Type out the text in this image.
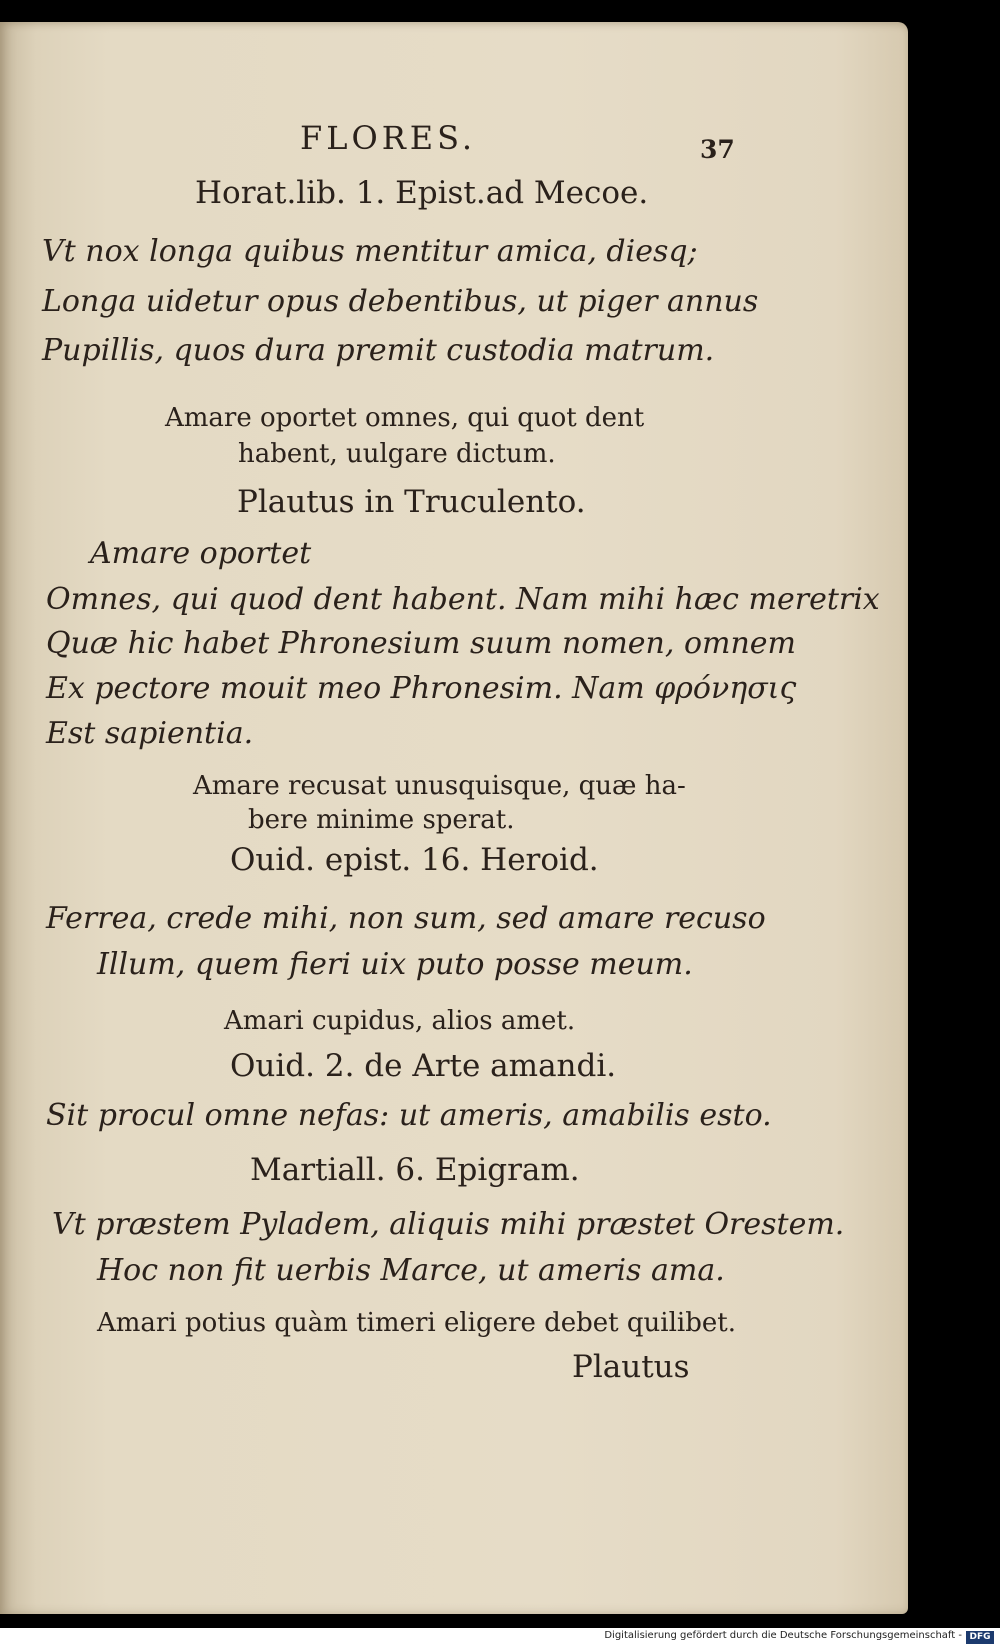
FLORES.	37
Horat.lib. 1. Epist.ad Mecoe.
Vt nox longa quibus mentitur amica, diesq;
Longa uidetur opus debentibus, ut piger annus
Pupillis, quos dura premit custodia matrum.
Amare oportet omnes, qui quot dent
habent, uulgare dictum.
Plautus in Truculento.
Amare oportet
Omnes, qui quod dent habent. Nam mihi hæc meretrix
Quæ hic habet Phronesium suum nomen, omnem
Ex pectore mouit meo Phronesim. Nam φρόνησις
Est sapientia.
Amare recusat unusquisque, quæ ha-
bere minime sperat.
Ouid. epist. 16. Heroid.
Ferrea, crede mihi, non sum, sed amare recuso
Illum, quem fieri uix puto posse meum.
Amari cupidus, alios amet.
Ouid. 2. de Arte amandi.
Sit procul omne nefas: ut ameris, amabilis esto.
Martiall. 6. Epigram.
Vt præstem Pyladem, aliquis mihi præstet Orestem.
Hoc non fit uerbis Marce, ut ameris ama.
Amari potius quàm timeri eligere debet quilibet.
Plautus
Digitalisierung gefördert durch die Deutsche Forschungsgemeinschaft - DFG
